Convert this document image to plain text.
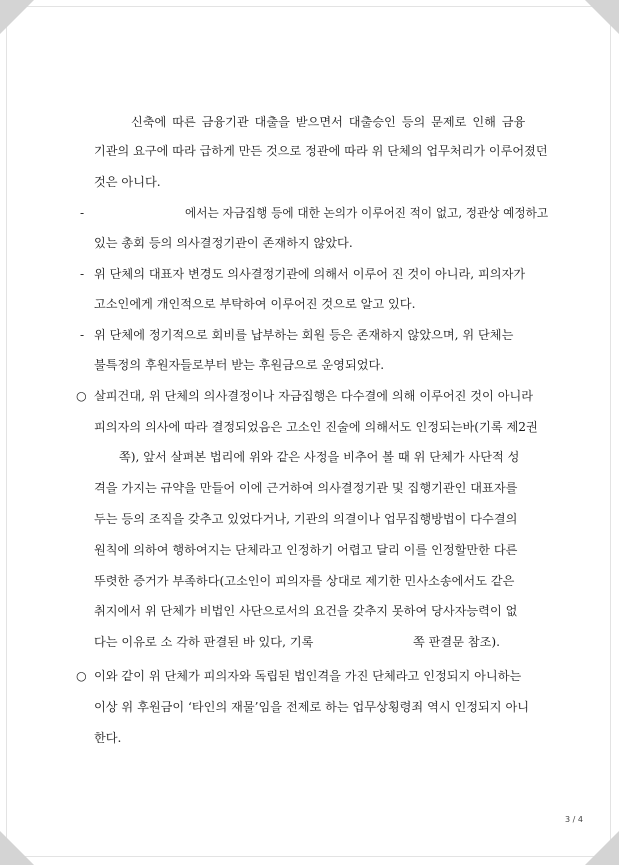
신축에 따른 금융기관 대출을 받으면서 대출승인 등의 문제로 인해 금융
기관의 요구에 따라 급하게 만든 것으로 정관에 따라 위 단체의 업무처리가 이루어졌던
것은 아니다.
-	에서는 자금집행 등에 대한 논의가 이루어진 적이 없고, 정관상 예정하고
있는 총회 등의 의사결정기관이 존재하지 않았다.
- 위 단체의 대표자 변경도 의사결정기관에 의해서 이루어 진 것이 아니라, 피의자가
고소인에게 개인적으로 부탁하여 이루어진 것으로 알고 있다.
- 위 단체에 정기적으로 회비를 납부하는 회원 등은 존재하지 않았으며, 위 단체는
불특정의 후원자들로부터 받는 후원금으로 운영되었다.
○ 살피건대, 위 단체의 의사결정이나 자금집행은 다수결에 의해 이루어진 것이 아니라
피의자의 의사에 따라 결정되었음은 고소인 진술에 의해서도 인정되는바(기록 제2권
쪽), 앞서 살펴본 법리에 위와 같은 사정을 비추어 볼 때 위 단체가 사단적 성
격을 가지는 규약을 만들어 이에 근거하여 의사결정기관 및 집행기관인 대표자를
두는 등의 조직을 갖추고 있었다거나, 기관의 의결이나 업무집행방법이 다수결의
원칙에 의하여 행하여지는 단체라고 인정하기 어렵고 달리 이를 인정할만한 다른
뚜렷한 증거가 부족하다(고소인이 피의자를 상대로 제기한 민사소송에서도 같은
취지에서 위 단체가 비법인 사단으로서의 요건을 갖추지 못하여 당사자능력이 없
다는 이유로 소 각하 판결된 바 있다, 기록	쪽 판결문 참조).
○ 이와 같이 위 단체가 피의자와 독립된 법인격을 가진 단체라고 인정되지 아니하는
이상 위 후원금이 ‘타인의 재물’임을 전제로 하는 업무상횡령죄 역시 인정되지 아니
한다.
3 / 4
